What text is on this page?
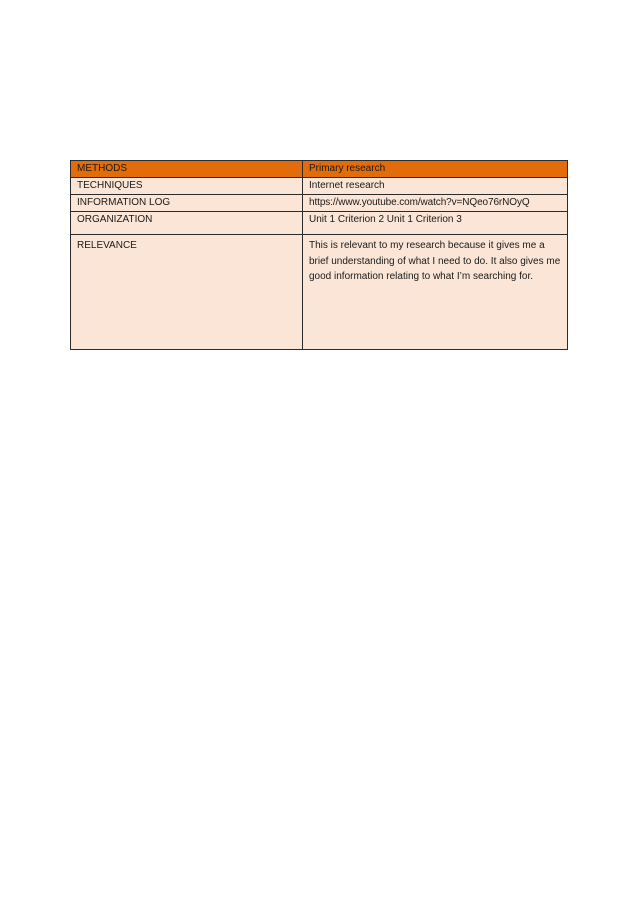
METHODS	Primary research
TECHNIQUES	Internet research
INFORMATION LOG	https://www.youtube.com/watch?v=NQeo76rNOyQ
ORGANIZATION	Unit 1 Criterion 2 Unit 1 Criterion 3
RELEVANCE	This is relevant to my research because it gives me a brief understanding of what I need to do. It also gives me good information relating to what I’m searching for.
